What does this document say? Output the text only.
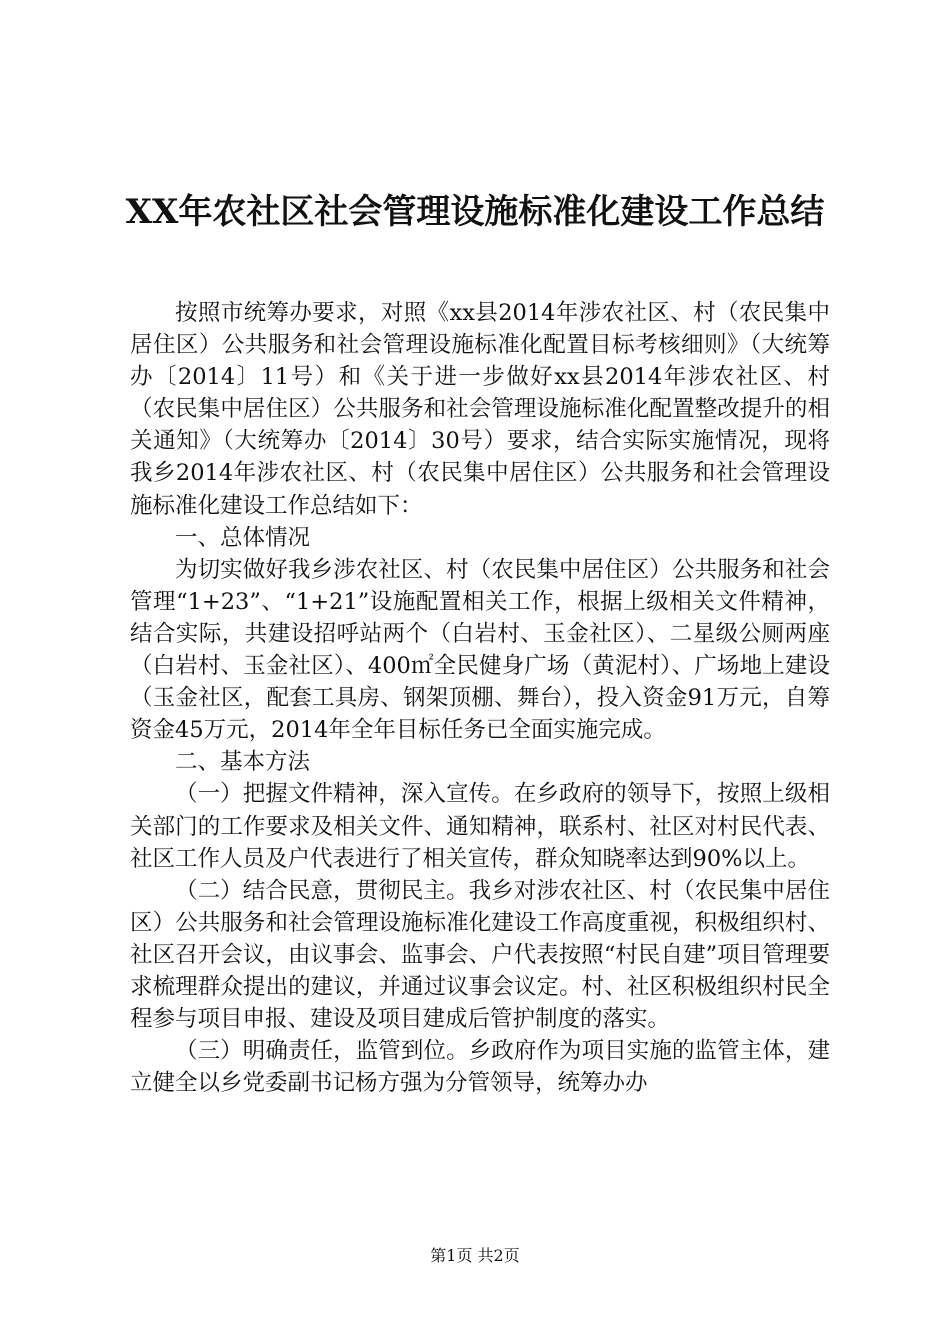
XX年农社区社会管理设施标准化建设工作总结

按照市统筹办要求，对照《xx县2014年涉农社区、村（农民集中居住区）公共服务和社会管理设施标准化配置目标考核细则》（大统筹办〔2014〕11号）和《关于进一步做好xx县2014年涉农社区、村（农民集中居住区）公共服务和社会管理设施标准化配置整改提升的相关通知》（大统筹办〔2014〕30号）要求，结合实际实施情况，现将我乡2014年涉农社区、村（农民集中居住区）公共服务和社会管理设施标准化建设工作总结如下：

一、总体情况

为切实做好我乡涉农社区、村（农民集中居住区）公共服务和社会管理“1+23”、“1+21”设施配置相关工作，根据上级相关文件精神，结合实际，共建设招呼站两个（白岩村、玉金社区）、二星级公厕两座（白岩村、玉金社区）、400㎡全民健身广场（黄泥村）、广场地上建设（玉金社区，配套工具房、钢架顶棚、舞台），投入资金91万元，自筹资金45万元，2014年全年目标任务已全面实施完成。

二、基本方法

（一）把握文件精神，深入宣传。在乡政府的领导下，按照上级相关部门的工作要求及相关文件、通知精神，联系村、社区对村民代表、社区工作人员及户代表进行了相关宣传，群众知晓率达到90%以上。

（二）结合民意，贯彻民主。我乡对涉农社区、村（农民集中居住区）公共服务和社会管理设施标准化建设工作高度重视，积极组织村、社区召开会议，由议事会、监事会、户代表按照“村民自建”项目管理要求梳理群众提出的建议，并通过议事会议定。村、社区积极组织村民全程参与项目申报、建设及项目建成后管护制度的落实。

（三）明确责任，监管到位。乡政府作为项目实施的监管主体，建立健全以乡党委副书记杨方强为分管领导，统筹办办

第1页 共2页
